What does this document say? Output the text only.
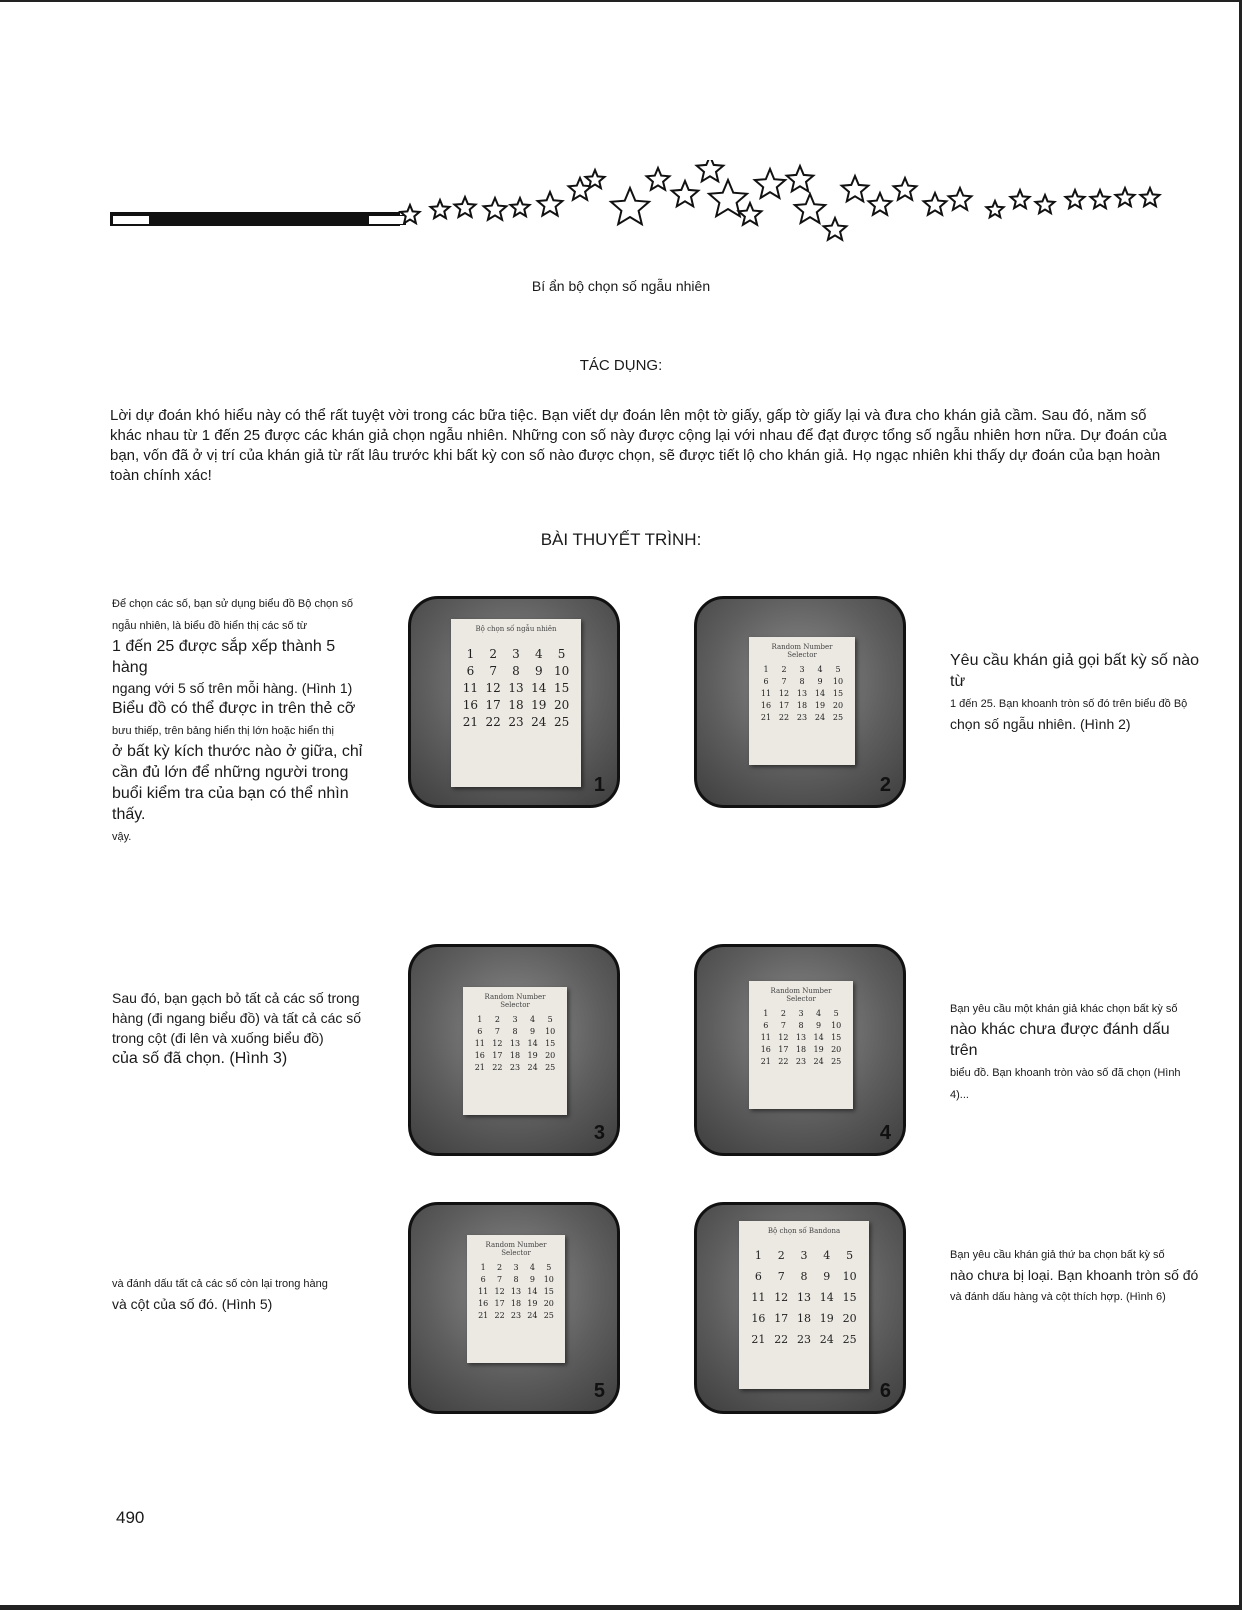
Bí ẩn bộ chọn số ngẫu nhiên
TÁC DỤNG:
Lời dự đoán khó hiểu này có thể rất tuyệt vời trong các bữa tiệc. Bạn viết dự đoán lên một tờ giấy, gấp tờ giấy lại và đưa cho khán giả cầm. Sau đó, năm số khác nhau từ 1 đến 25 được các khán giả chọn ngẫu nhiên. Những con số này được cộng lại với nhau để đạt được tổng số ngẫu nhiên hơn nữa. Dự đoán của bạn, vốn đã ở vị trí của khán giả từ rất lâu trước khi bất kỳ con số nào được chọn, sẽ được tiết lộ cho khán giả. Họ ngạc nhiên khi thấy dự đoán của bạn hoàn toàn chính xác!
BÀI THUYẾT TRÌNH:
Để chọn các số, bạn sử dụng biểu đồ Bộ chọn số ngẫu nhiên, là biểu đồ hiển thị các số từ
1 đến 25 được sắp xếp thành 5 hàng
ngang với 5 số trên mỗi hàng. (Hình 1)
Biểu đồ có thể được in trên thẻ cỡ
bưu thiếp, trên bảng hiển thị lớn hoặc hiển thị
ở bất kỳ kích thước nào ở giữa, chỉ cần đủ lớn để những người trong buổi kiểm tra của bạn có thể nhìn thấy.
vậy.
Yêu cầu khán giả gọi bất kỳ số nào từ
1 đến 25. Bạn khoanh tròn số đó trên biểu đồ Bộ
chọn số ngẫu nhiên. (Hình 2)
Sau đó, bạn gạch bỏ tất cả các số trong hàng (đi ngang biểu đồ) và tất cả các số trong cột (đi lên và xuống biểu đồ)
của số đã chọn. (Hình 3)
Bạn yêu cầu một khán giả khác chọn bất kỳ số
nào khác chưa được đánh dấu trên
biểu đồ. Bạn khoanh tròn vào số đã chọn (Hình 4)...
và đánh dấu tất cả các số còn lại trong hàng
và cột của số đó. (Hình 5)
Bạn yêu cầu khán giả thứ ba chọn bất kỳ số
nào chưa bị loại. Bạn khoanh tròn số đó
và đánh dấu hàng và cột thích hợp. (Hình 6)
Bộ chọn số ngẫu nhiên
1	2	3	4	5
6	7	8	9 10
11 12 13 14 15
16 17 18 19 20
21 22 23 24 25
1
Random Number Selector
1	2	3	4	5
6	7	8	9	10
11 12 13 14 15
16 17 18 19 20
21 22 23 24 25
2
Random Number Selector
1	2	3	4	5
6	7	8	9	10
11 12 13 14 15
16 17 18 19 20
21 22 23 24 25
3
Random Number Selector
1	2	3	4	5
6	7	8	9	10
11 12 13 14 15
16 17 18 19 20
21 22 23 24 25
4
Random Number Selector
1	2	3	4	5
6	7	8	9	10
11 12 13 14 15
16 17 18 19 20
21 22 23 24 25
5
Bộ chọn số Bandona
1	2	3	4	5
6	7	8	9	10
11 12 13 14 15
16 17 18 19 20
21 22 23 24 25
6
490
